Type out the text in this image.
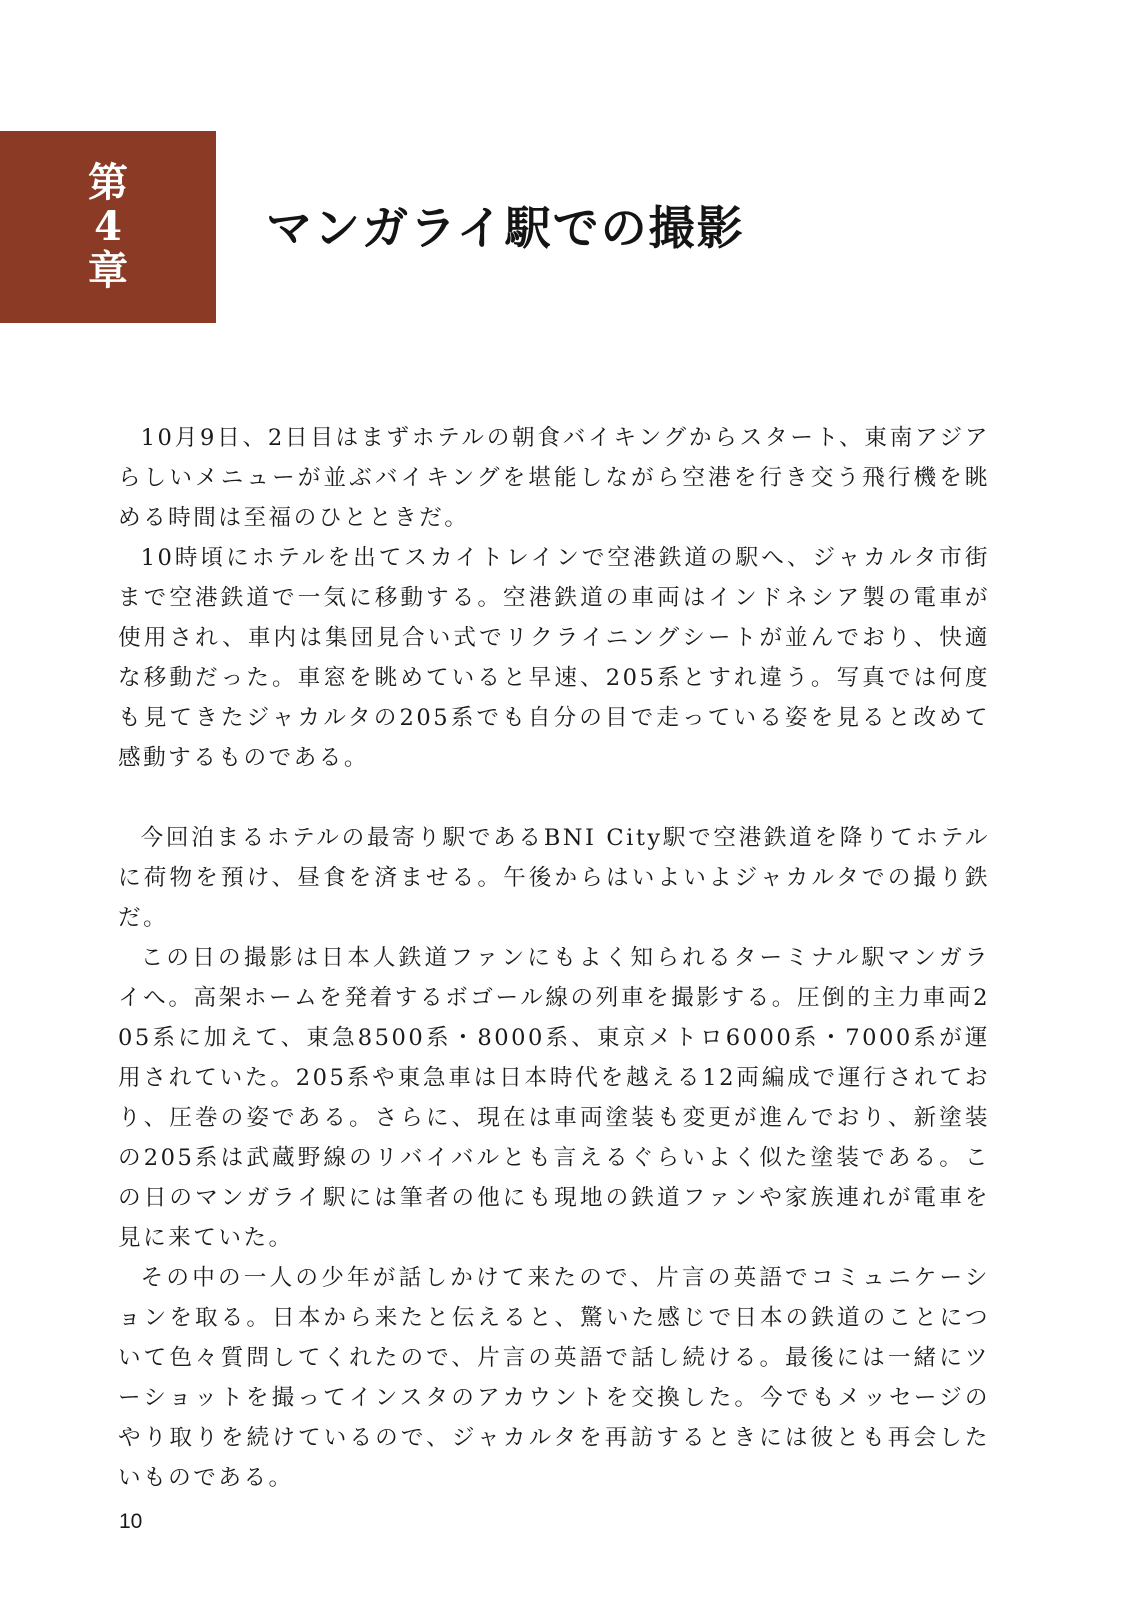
第
4
章
マンガライ駅での撮影

10月9日、2日目はまずホテルの朝食バイキングからスタート、東南アジアらしいメニューが並ぶバイキングを堪能しながら空港を行き交う飛行機を眺める時間は至福のひとときだ。

10時頃にホテルを出てスカイトレインで空港鉄道の駅へ、ジャカルタ市街まで空港鉄道で一気に移動する。空港鉄道の車両はインドネシア製の電車が使用され、車内は集団見合い式でリクライニングシートが並んでおり、快適な移動だった。車窓を眺めていると早速、205系とすれ違う。写真では何度も見てきたジャカルタの205系でも自分の目で走っている姿を見ると改めて感動するものである。

今回泊まるホテルの最寄り駅であるBNI City駅で空港鉄道を降りてホテルに荷物を預け、昼食を済ませる。午後からはいよいよジャカルタでの撮り鉄だ。

この日の撮影は日本人鉄道ファンにもよく知られるターミナル駅マンガライへ。高架ホームを発着するボゴール線の列車を撮影する。圧倒的主力車両205系に加えて、東急8500系・8000系、東京メトロ6000系・7000系が運用されていた。205系や東急車は日本時代を越える12両編成で運行されており、圧巻の姿である。さらに、現在は車両塗装も変更が進んでおり、新塗装の205系は武蔵野線のリバイバルとも言えるぐらいよく似た塗装である。この日のマンガライ駅には筆者の他にも現地の鉄道ファンや家族連れが電車を見に来ていた。

その中の一人の少年が話しかけて来たので、片言の英語でコミュニケーションを取る。日本から来たと伝えると、驚いた感じで日本の鉄道のことについて色々質問してくれたので、片言の英語で話し続ける。最後には一緒にツーショットを撮ってインスタのアカウントを交換した。今でもメッセージのやり取りを続けているので、ジャカルタを再訪するときには彼とも再会したいものである。

10
